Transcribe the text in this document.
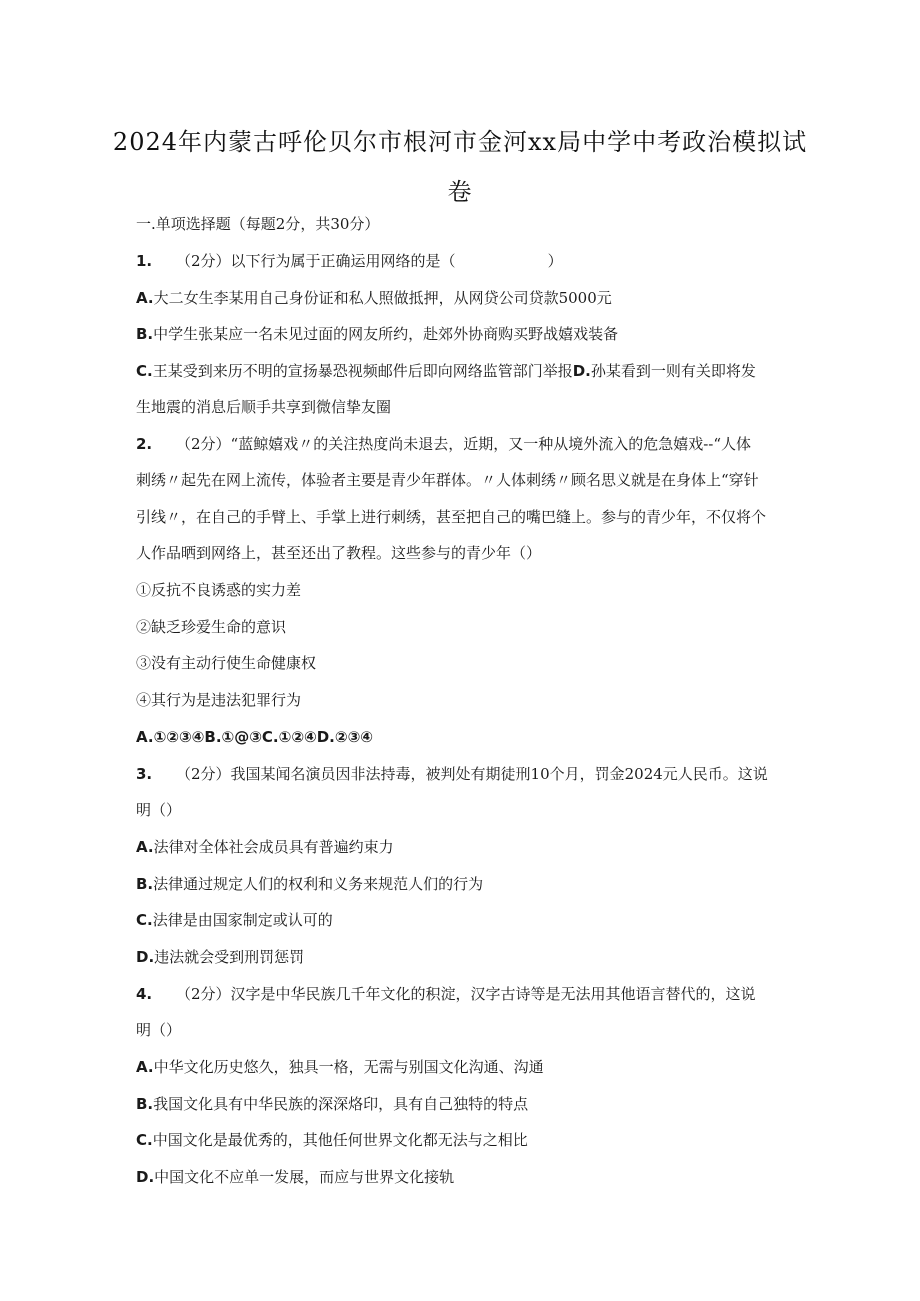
2024年内蒙古呼伦贝尔市根河市金河xx局中学中考政治模拟试
卷
一.单项选择题（每题2分，共30分）
1. （2分）以下行为属于正确运用网络的是（	）
A.大二女生李某用自己身份证和私人照做抵押，从网贷公司贷款5000元
B.中学生张某应一名未见过面的网友所约，赴郊外协商购买野战嬉戏装备
C.王某受到来历不明的宣扬暴恐视频邮件后即向网络监管部门举报D.孙某看到一则有关即将发
生地震的消息后顺手共享到微信挚友圈
2. （2分）“蓝鲸嬉戏〃的关注热度尚未退去，近期，又一种从境外流入的危急嬉戏--“人体
刺绣〃起先在网上流传，体验者主要是青少年群体。〃人体刺绣〃顾名思义就是在身体上“穿针
引线〃，在自己的手臂上、手掌上进行刺绣，甚至把自己的嘴巴缝上。参与的青少年，不仅将个
人作品晒到网络上，甚至还出了教程。这些参与的青少年（）
①反抗不良诱惑的实力差
②缺乏珍爱生命的意识
③没有主动行使生命健康权
④其行为是违法犯罪行为
A.①②③④B.①@③C.①②④D.②③④
3. （2分）我国某闻名演员因非法持毒，被判处有期徒刑10个月，罚金2024元人民币。这说
明（）
A.法律对全体社会成员具有普遍约束力
B.法律通过规定人们的权利和义务来规范人们的行为
C.法律是由国家制定或认可的
D.违法就会受到刑罚惩罚
4. （2分）汉字是中华民族几千年文化的积淀，汉字古诗等是无法用其他语言替代的，这说
明（）
A.中华文化历史悠久，独具一格，无需与别国文化沟通、沟通
B.我国文化具有中华民族的深深烙印，具有自己独特的特点
C.中国文化是最优秀的，其他任何世界文化都无法与之相比
D.中国文化不应单一发展，而应与世界文化接轨
